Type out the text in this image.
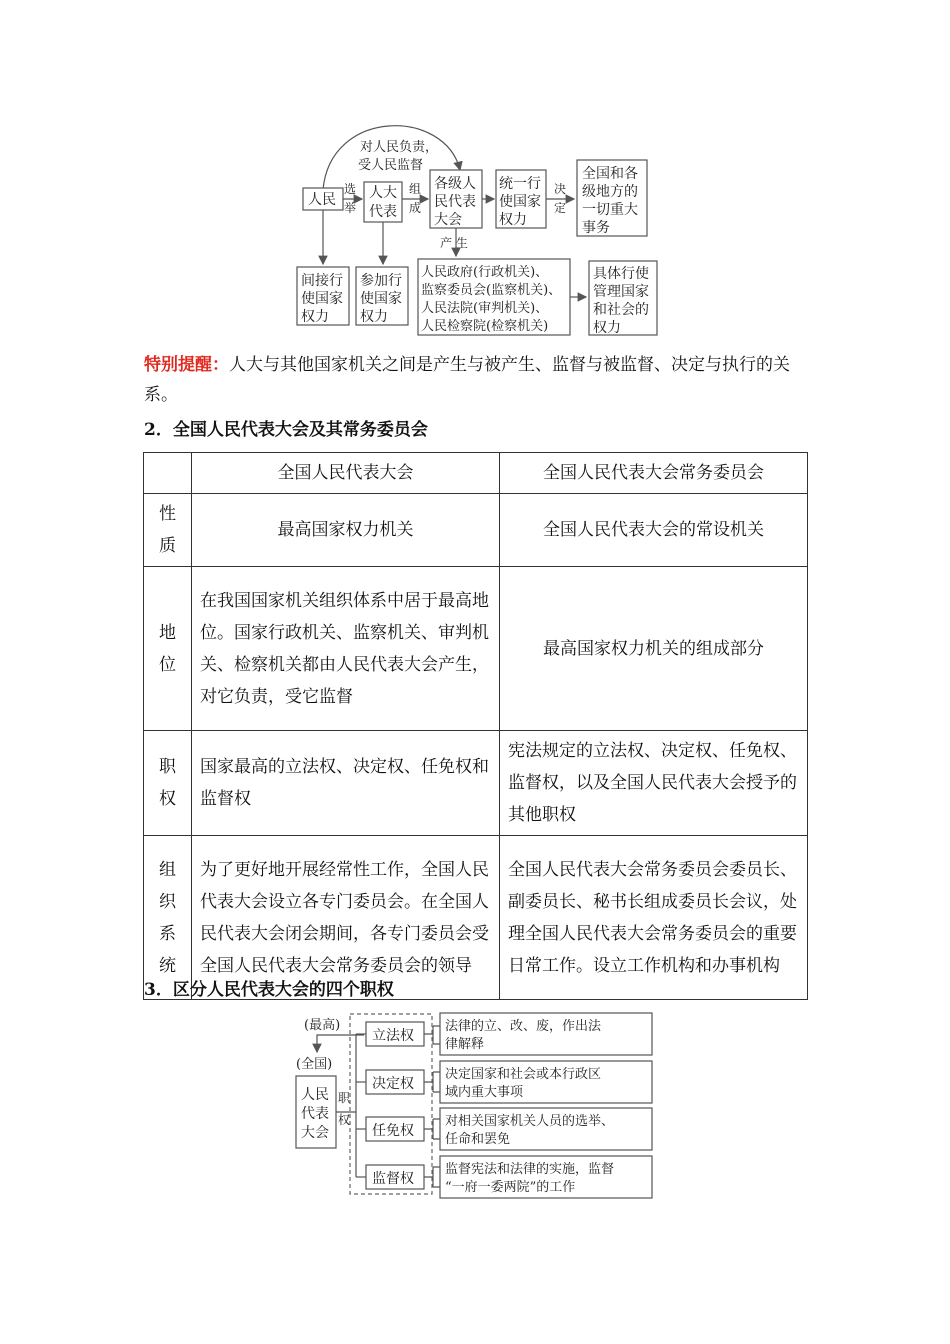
对人民负责，
受人民监督
人民
选
举
人大
代表
组
成
各级人
民代表
大会
统一行
使国家
权力
决
定
全国和各
级地方的
一切重大
事务
产 生
间接行
使国家
权力
参加行
使国家
权力
人民政府(行政机关)、
监察委员会(监察机关)、
人民法院(审判机关)、
人民检察院(检察机关)
具体行使
管理国家
和社会的
权力
特别提醒：人大与其他国家机关之间是产生与被产生、监督与被监督、决定与执行的关系。
2．全国人民代表大会及其常务委员会
	全国人民代表大会	全国人民代表大会常务委员会

性
质	最高国家权力机关	全国人民代表大会的常设机关

地
位	在我国国家机关组织体系中居于最高地位。国家行政机关、监察机关、审判机关、检察机关都由人民代表大会产生，对它负责，受它监督	最高国家权力机关的组成部分

职
权	国家最高的立法权、决定权、任免权和监督权	宪法规定的立法权、决定权、任免权、监督权，以及全国人民代表大会授予的其他职权

组
织
系
统	为了更好地开展经常性工作，全国人民代表大会设立各专门委员会。在全国人民代表大会闭会期间，各专门委员会受全国人民代表大会常务委员会的领导	全国人民代表大会常务委员会委员长、副委员长、秘书长组成委员长会议，处理全国人民代表大会常务委员会的重要日常工作。设立工作机构和办事机构
3．区分人民代表大会的四个职权
(最高)
(全国)
人民
代表
大会
职
权
立法权
法律的立、改、废，作出法
律解释
决定权
决定国家和社会或本行政区
域内重大事项
任免权
对相关国家机关人员的选举、
任命和罢免
监督权
监督宪法和法律的实施，监督
“一府一委两院”的工作
